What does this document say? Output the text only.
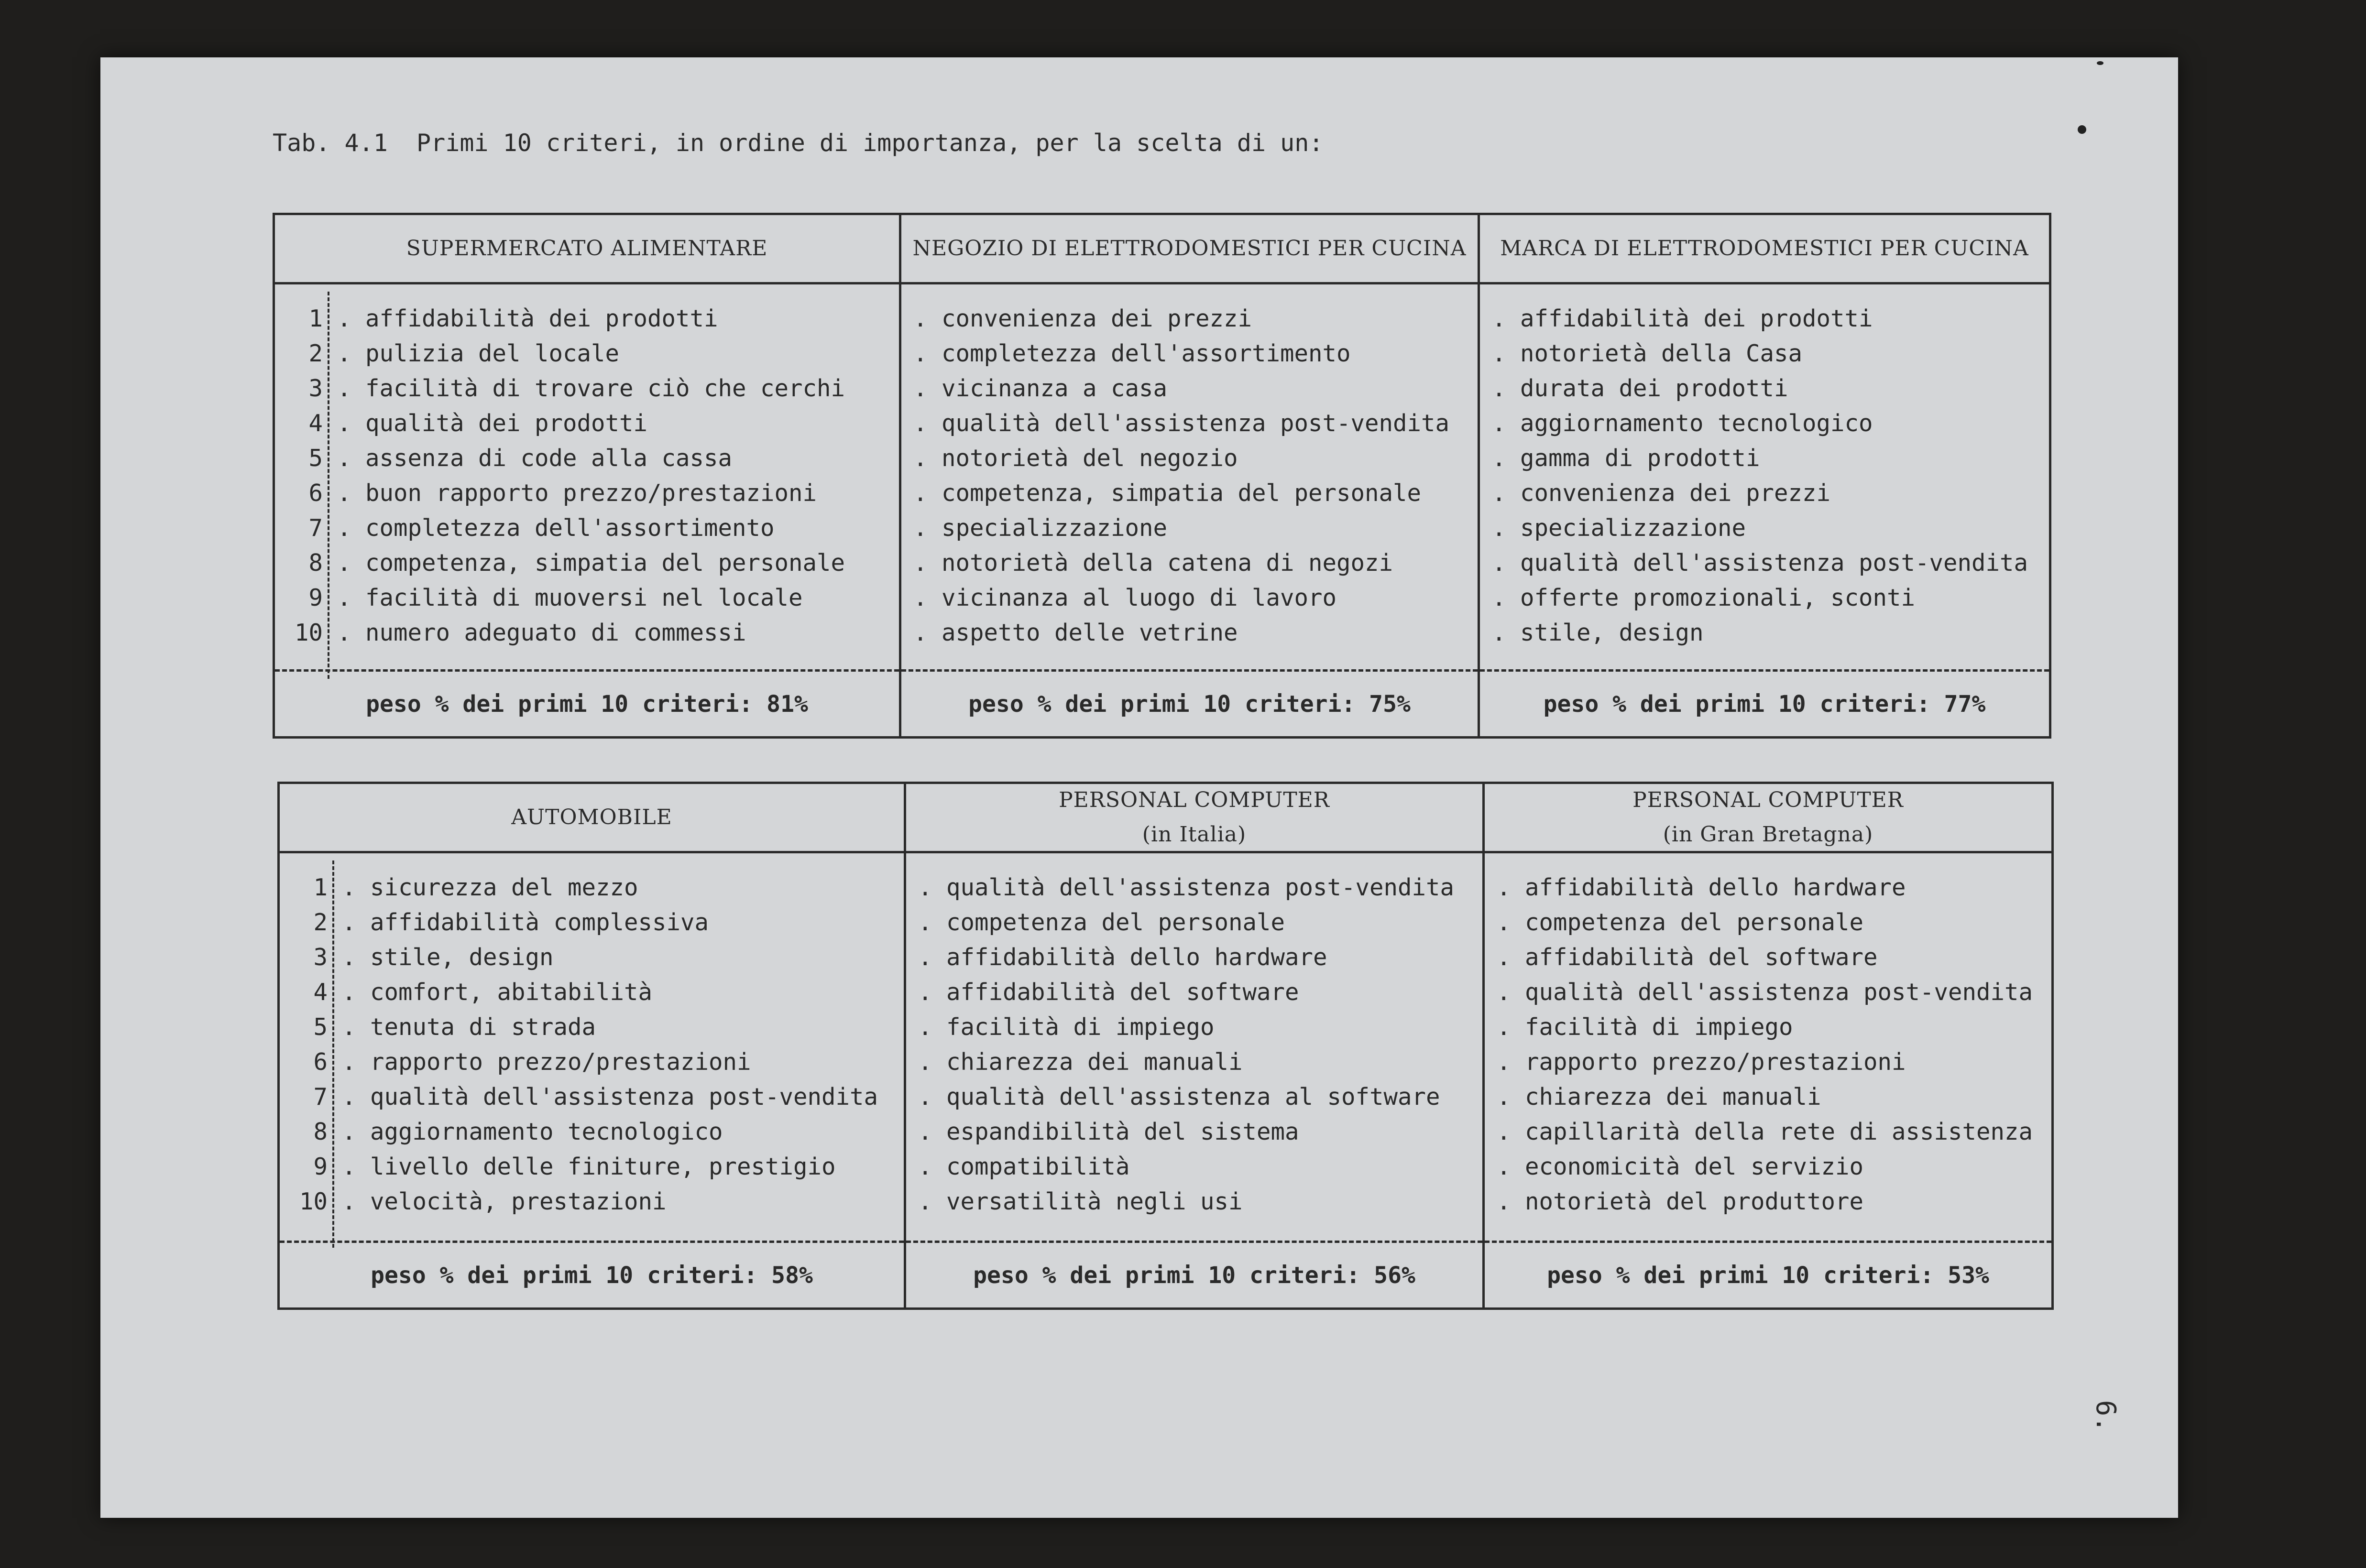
Tab. 4.1  Primi 10 criteri, in ordine di importanza, per la scelta di un:
SUPERMERCATO ALIMENTARE
1 . affidabilità dei prodotti
2 . pulizia del locale
3 . facilità di trovare ciò che cerchi
4 . qualità dei prodotti
5 . assenza di code alla cassa
6 . buon rapporto prezzo/prestazioni
7 . completezza dell'assortimento
8 . competenza, simpatia del personale
9 . facilità di muoversi nel locale
10 . numero adeguato di commessi
peso % dei primi 10 criteri: 81%
NEGOZIO DI ELETTRODOMESTICI PER CUCINA
. convenienza dei prezzi
. completezza dell'assortimento
. vicinanza a casa
. qualità dell'assistenza post-vendita
. notorietà del negozio
. competenza, simpatia del personale
. specializzazione
. notorietà della catena di negozi
. vicinanza al luogo di lavoro
. aspetto delle vetrine
peso % dei primi 10 criteri: 75%
MARCA DI ELETTRODOMESTICI PER CUCINA
. affidabilità dei prodotti
. notorietà della Casa
. durata dei prodotti
. aggiornamento tecnologico
. gamma di prodotti
. convenienza dei prezzi
. specializzazione
. qualità dell'assistenza post-vendita
. offerte promozionali, sconti
. stile, design
peso % dei primi 10 criteri: 77%
AUTOMOBILE
1 . sicurezza del mezzo
2 . affidabilità complessiva
3 . stile, design
4 . comfort, abitabilità
5 . tenuta di strada
6 . rapporto prezzo/prestazioni
7 . qualità dell'assistenza post-vendita
8 . aggiornamento tecnologico
9 . livello delle finiture, prestigio
10 . velocità, prestazioni
peso % dei primi 10 criteri: 58%
PERSONAL COMPUTER
(in Italia)
. qualità dell'assistenza post-vendita
. competenza del personale
. affidabilità dello hardware
. affidabilità del software
. facilità di impiego
. chiarezza dei manuali
. qualità dell'assistenza al software
. espandibilità del sistema
. compatibilità
. versatilità negli usi
peso % dei primi 10 criteri: 56%
PERSONAL COMPUTER
(in Gran Bretagna)
. affidabilità dello hardware
. competenza del personale
. affidabilità del software
. qualità dell'assistenza post-vendita
. facilità di impiego
. rapporto prezzo/prestazioni
. chiarezza dei manuali
. capillarità della rete di assistenza
. economicità del servizio
. notorietà del produttore
peso % dei primi 10 criteri: 53%
6.
